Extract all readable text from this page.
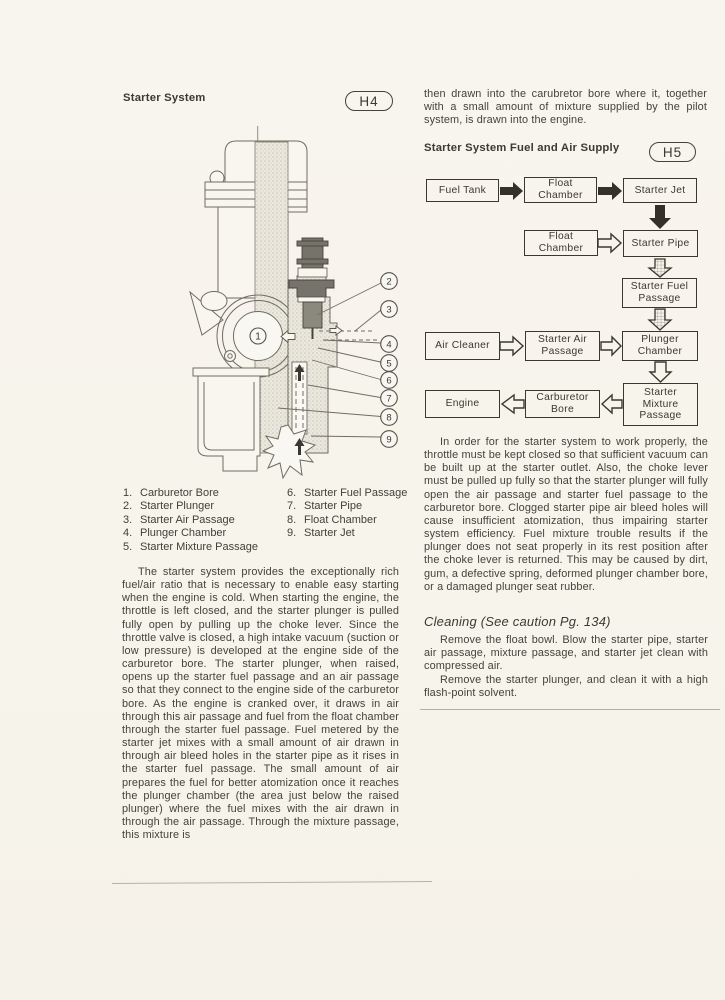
Starter System	H4
1
2
3
4
5
6
7
8
9
1. Carburetor Bore
2. Starter Plunger
3. Starter Air Passage
4. Plunger Chamber
5. Starter Mixture Passage
6. Starter Fuel Passage
7. Starter Pipe
8. Float Chamber
9. Starter Jet
The starter system provides the exceptionally rich fuel/air ratio that is necessary to enable easy starting when the engine is cold. When starting the engine, the throttle is left closed, and the starter plunger is pulled fully open by pulling up the choke lever. Since the throttle valve is closed, a high intake vacuum (suction or low pressure) is developed at the engine side of the carburetor bore. The starter plunger, when raised, opens up the starter fuel passage and an air passage so that they connect to the engine side of the carburetor bore. As the engine is cranked over, it draws in air through this air passage and fuel from the float chamber through the starter fuel passage. Fuel metered by the starter jet mixes with a small amount of air drawn in through air bleed holes in the starter pipe as it rises in the starter fuel passage. The small amount of air prepares the fuel for better atomization once it reaches the plunger chamber (the area just below the raised plunger) where the fuel mixes with the air drawn in through the air passage. Through the mixture passage, this mixture is
then drawn into the carubretor bore where it, together with a small amount of mixture supplied by the pilot system, is drawn into the engine.
Starter System Fuel and Air Supply	H5
Fuel Tank
Float Chamber	Starter Jet
Float Chamber	Starter Pipe
Starter Fuel Passage
Air Cleaner
Starter Air Passage
Plunger Chamber
Engine
Carburetor Bore
Starter Mixture Passage
In order for the starter system to work properly, the throttle must be kept closed so that sufficient vacuum can be built up at the starter outlet. Also, the choke lever must be pulled up fully so that the starter plunger will fully open the air passage and starter fuel passage to the carburetor bore. Clogged starter pipe air bleed holes will cause insufficient atomization, thus impairing starter system efficiency. Fuel mixture trouble results if the plunger does not seat properly in its rest position after the choke lever is returned. This may be caused by dirt, gum, a defective spring, deformed plunger chamber bore, or a damaged plunger seat rubber.
Cleaning (See caution Pg. 134)
Remove the float bowl. Blow the starter pipe, starter air passage, mixture passage, and starter jet clean with compressed air.
Remove the starter plunger, and clean it with a high flash-point solvent.
